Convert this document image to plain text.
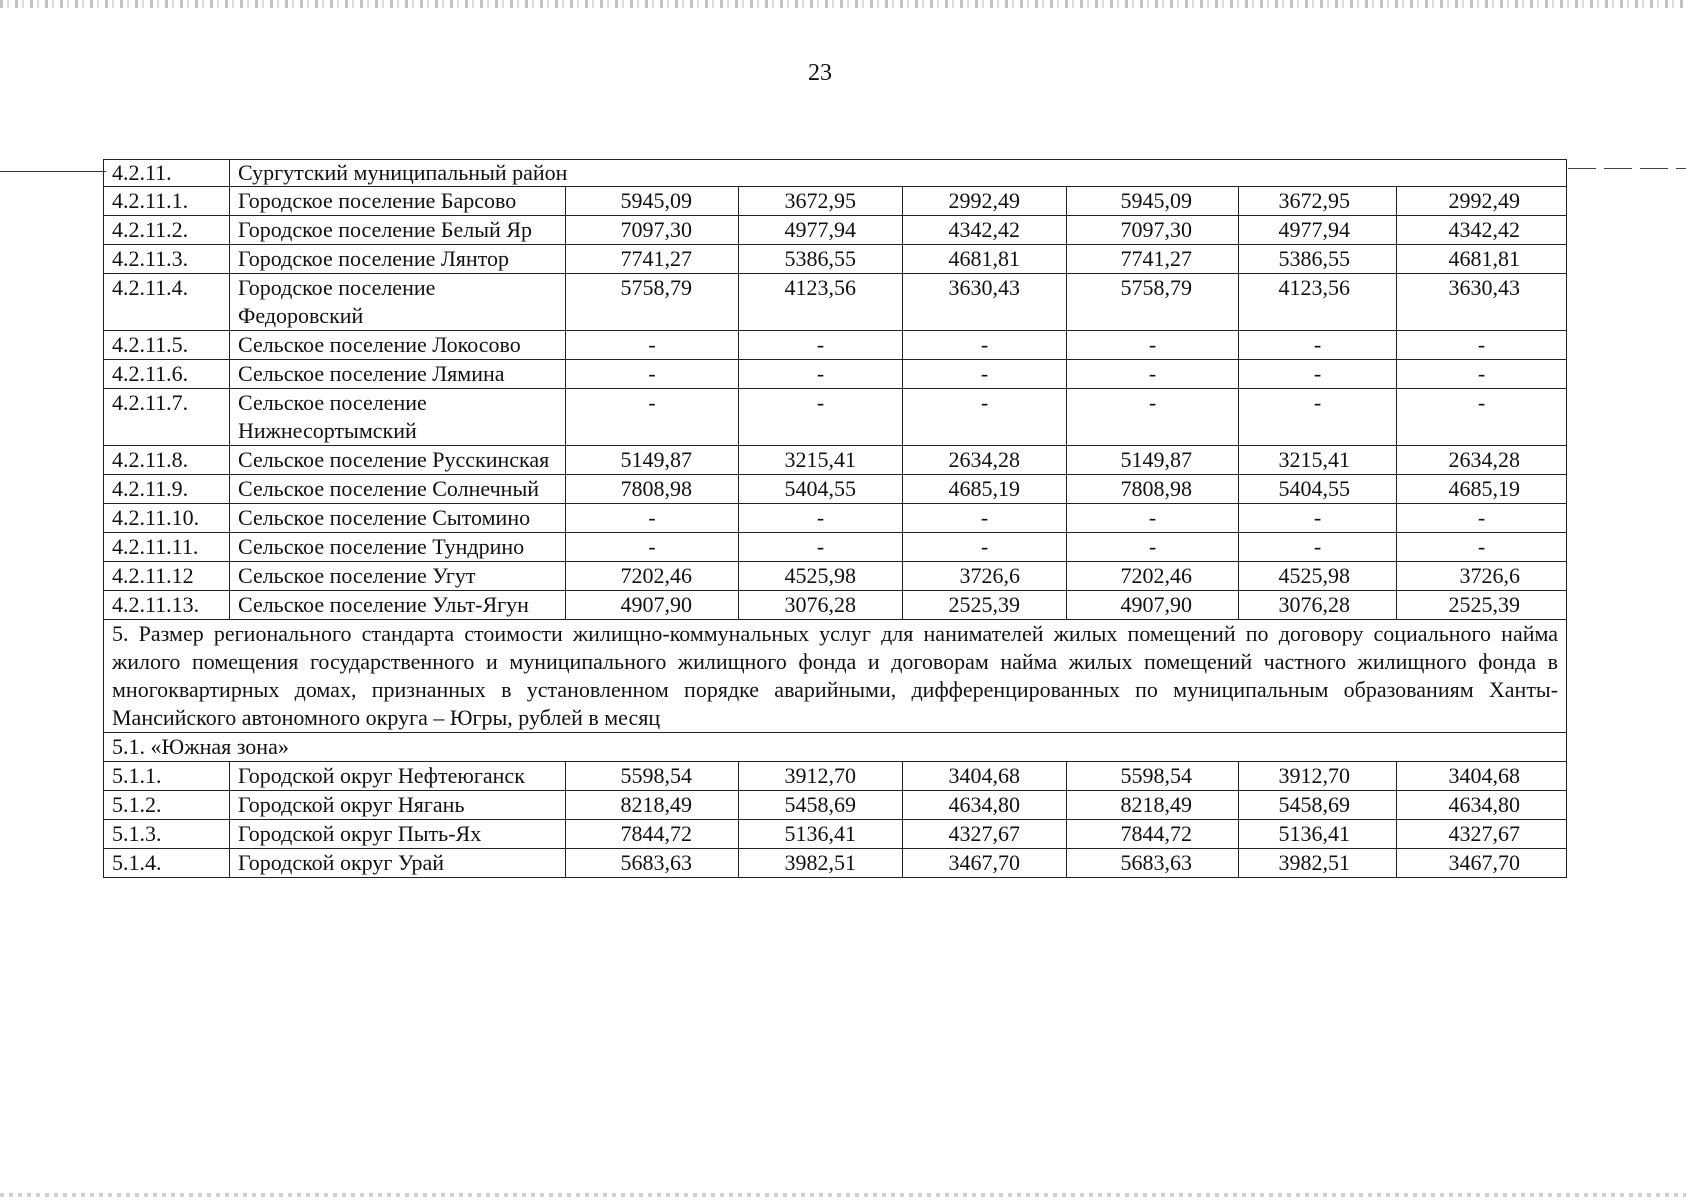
23
4.2.11.	Сургутский муниципальный район						
4.2.11.1.	Городское поселение Барсово	5945,09	3672,95	2992,49	5945,09	3672,95	2992,49
4.2.11.2.	Городское поселение Белый Яр	7097,30	4977,94	4342,42	7097,30	4977,94	4342,42
4.2.11.3.	Городское поселение Лянтор	7741,27	5386,55	4681,81	7741,27	5386,55	4681,81
4.2.11.4.	Городское поселение Федоровский	5758,79	4123,56	3630,43	5758,79	4123,56	3630,43
4.2.11.5.	Сельское поселение Локосово	-	-	-	-	-	-
4.2.11.6.	Сельское поселение Лямина	-	-	-	-	-	-
4.2.11.7.	Сельское поселение Нижнесортымский	-	-	-	-	-	-
4.2.11.8.	Сельское поселение Русскинская	5149,87	3215,41	2634,28	5149,87	3215,41	2634,28
4.2.11.9.	Сельское поселение Солнечный	7808,98	5404,55	4685,19	7808,98	5404,55	4685,19
4.2.11.10.	Сельское поселение Сытомино	-	-	-	-	-	-
4.2.11.11.	Сельское поселение Тундрино	-	-	-	-	-	-
4.2.11.12	Сельское поселение Угут	7202,46	4525,98	3726,6	7202,46	4525,98	3726,6
4.2.11.13.	Сельское поселение Ульт-Ягун	4907,90	3076,28	2525,39	4907,90	3076,28	2525,39
5. Размер регионального стандарта стоимости жилищно-коммунальных услуг для нанимателей жилых помещений по договору социального найма жилого помещения государственного и муниципального жилищного фонда и договорам найма жилых помещений частного жилищного фонда в многоквартирных домах, признанных в установленном порядке аварийными, дифференцированных по муниципальным образованиям Ханты-Мансийского автономного округа – Югры, рублей в месяц							
5.1. «Южная зона»							
5.1.1.	Городской округ Нефтеюганск	5598,54	3912,70	3404,68	5598,54	3912,70	3404,68
5.1.2.	Городской округ Нягань	8218,49	5458,69	4634,80	8218,49	5458,69	4634,80
5.1.3.	Городской округ Пыть-Ях	7844,72	5136,41	4327,67	7844,72	5136,41	4327,67
5.1.4.	Городской округ Урай	5683,63	3982,51	3467,70	5683,63	3982,51	3467,70
